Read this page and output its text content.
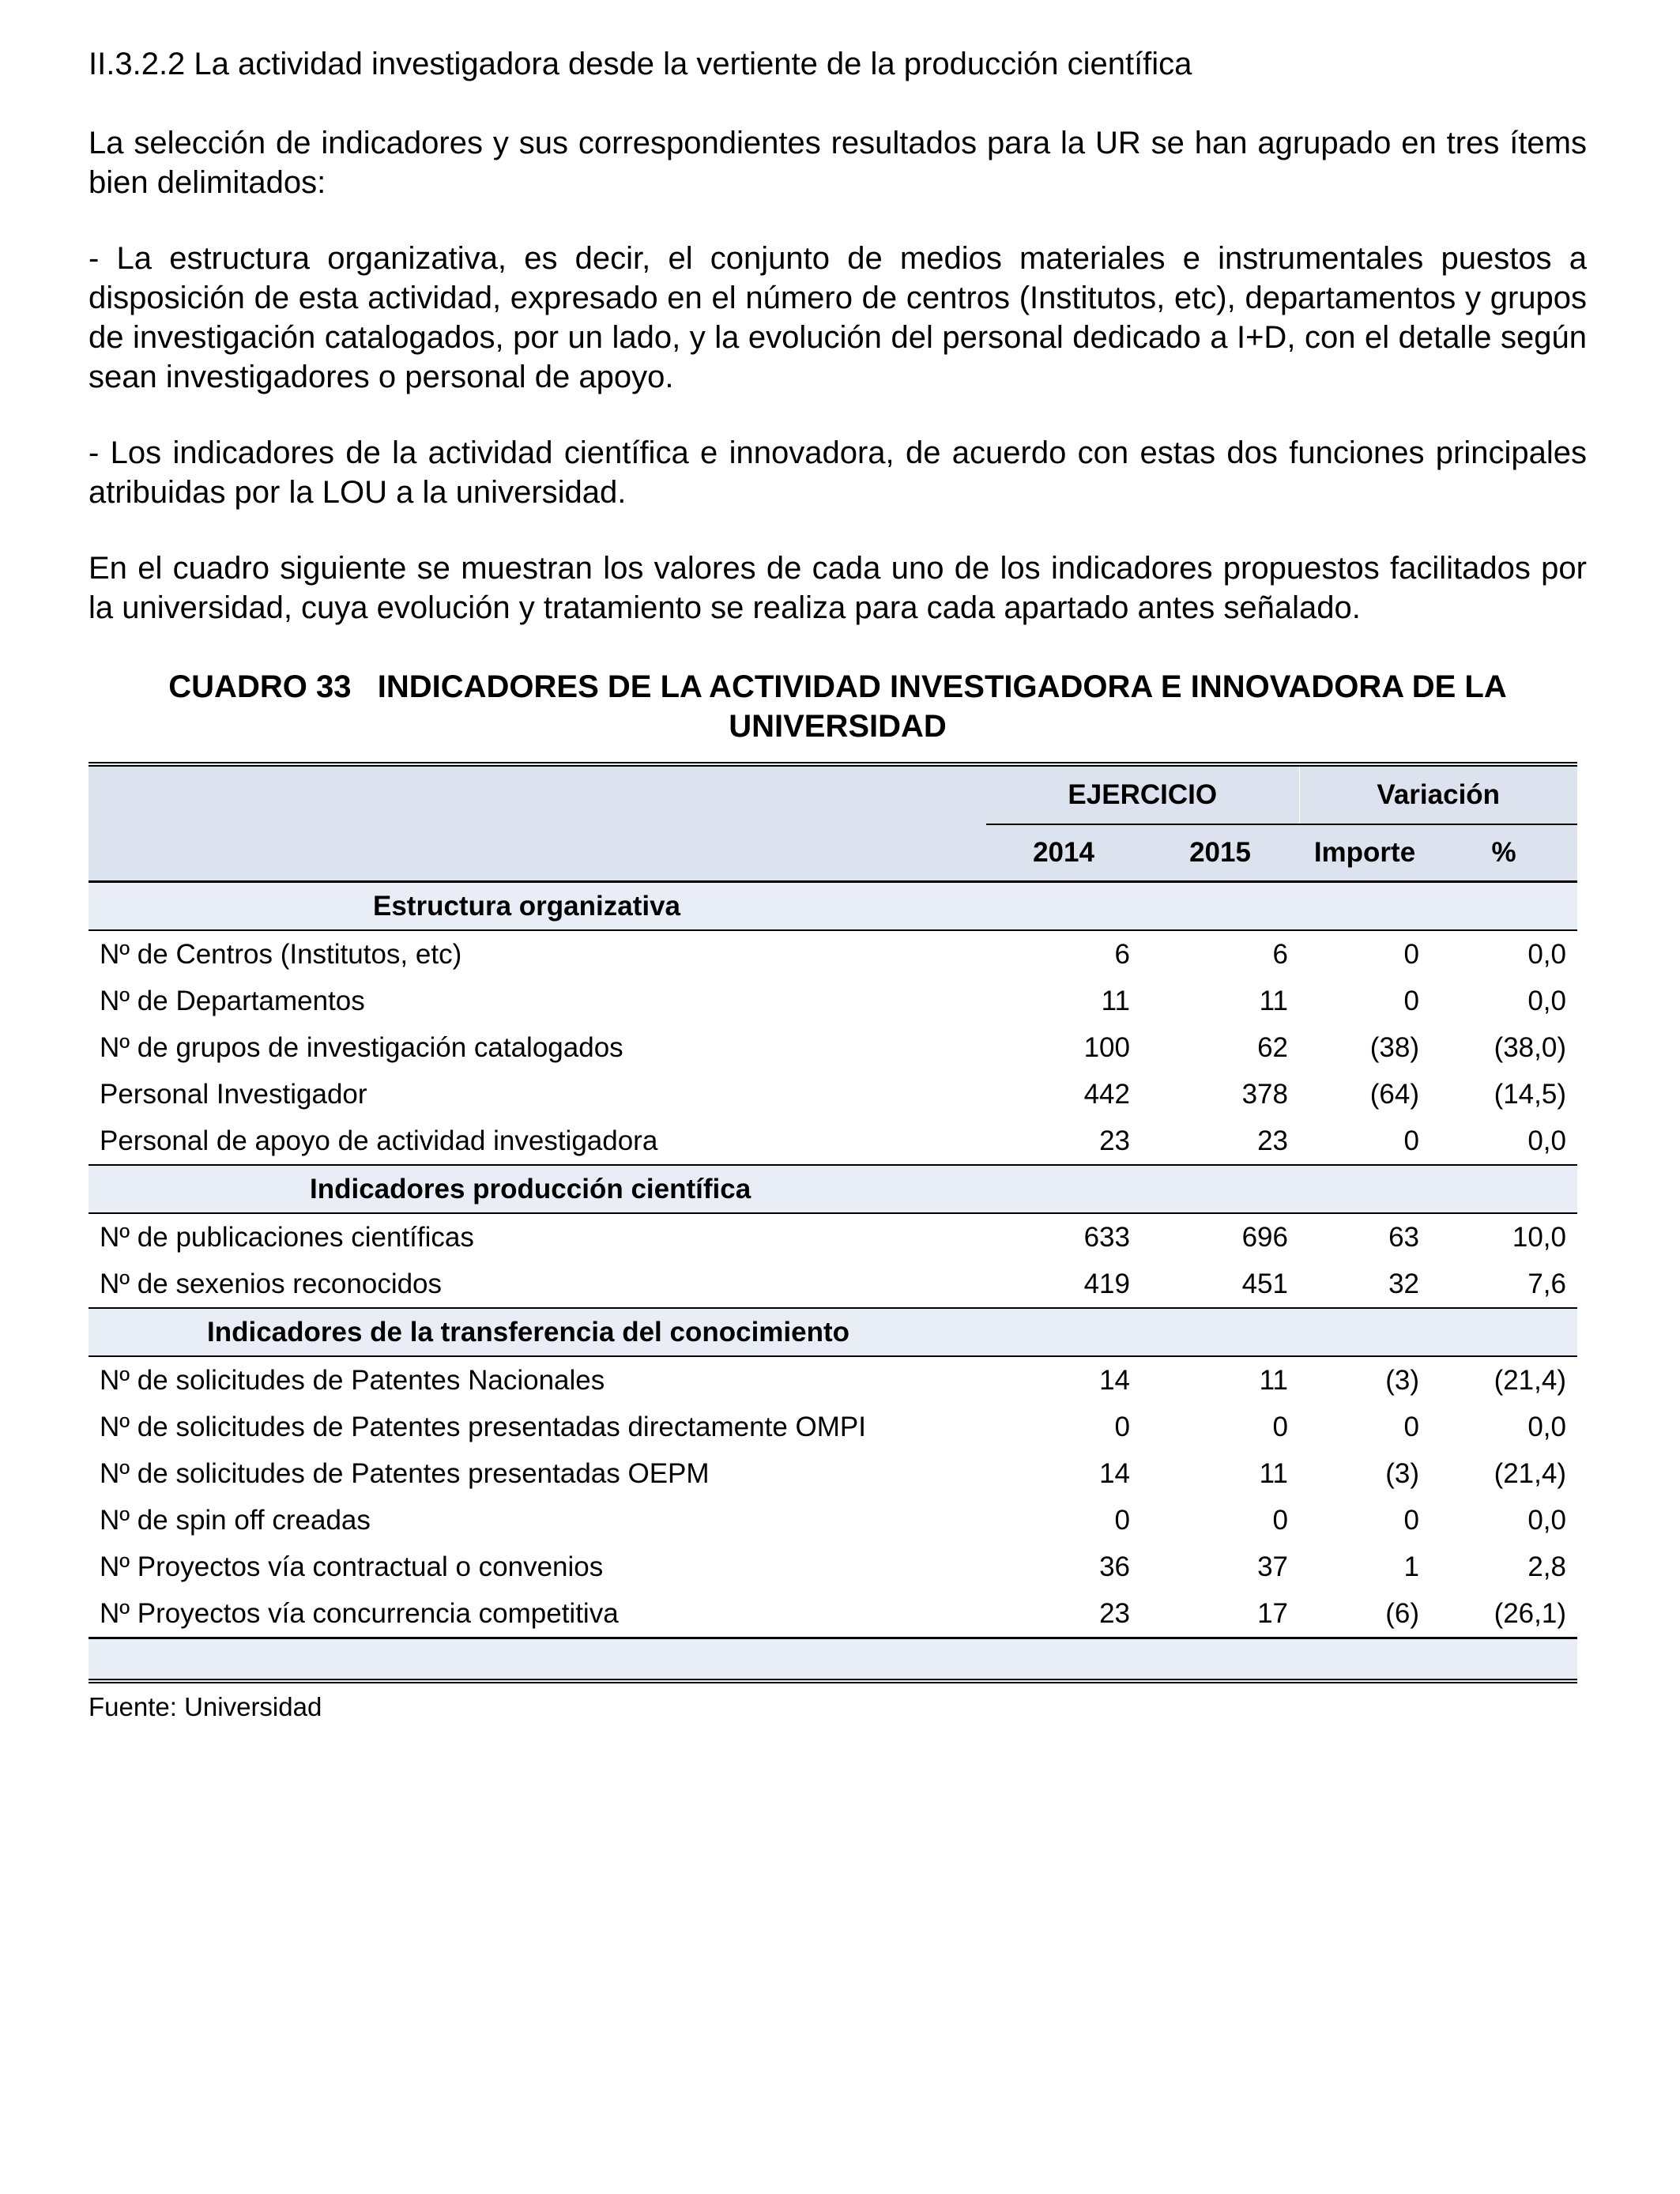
II.3.2.2 La actividad investigadora desde la vertiente de la producción científica
La selección de indicadores y sus correspondientes resultados para la UR se han agrupado en tres ítems bien delimitados:
- La estructura organizativa, es decir, el conjunto de medios materiales e instrumentales puestos a disposición de esta actividad, expresado en el número de centros (Institutos, etc), departamentos y grupos de investigación catalogados, por un lado, y la evolución del personal dedicado a I+D, con el detalle según sean investigadores o personal de apoyo.
- Los indicadores de la actividad científica e innovadora, de acuerdo con estas dos funciones principales atribuidas por la LOU a la universidad.
En el cuadro siguiente se muestran los valores de cada uno de los indicadores propuestos facilitados por la universidad, cuya evolución y tratamiento se realiza para cada apartado antes señalado.
CUADRO 33   INDICADORES DE LA ACTIVIDAD INVESTIGADORA E INNOVADORA DE LA
UNIVERSIDAD
	EJERCICIO		Variación	
	2014	2015	Importe	%
Estructura organizativa				
Nº de Centros (Institutos, etc)	6	6	0	0,0
Nº de Departamentos	11	11	0	0,0
Nº de grupos de investigación catalogados	100	62	(38)	(38,0)
Personal Investigador	442	378	(64)	(14,5)
Personal de apoyo de actividad investigadora	23	23	0	0,0
Indicadores producción científica				
Nº de publicaciones científicas	633	696	63	10,0
Nº de sexenios reconocidos	419	451	32	7,6
Indicadores de la transferencia del conocimiento				
Nº de solicitudes de Patentes Nacionales	14	11	(3)	(21,4)
Nº de solicitudes de Patentes presentadas directamente OMPI	0	0	0	0,0
Nº de solicitudes de Patentes presentadas OEPM	14	11	(3)	(21,4)
Nº de spin off creadas	0	0	0	0,0
Nº Proyectos vía contractual o convenios	36	37	1	2,8
Nº Proyectos vía concurrencia competitiva	23	17	(6)	(26,1)

Fuente: Universidad
